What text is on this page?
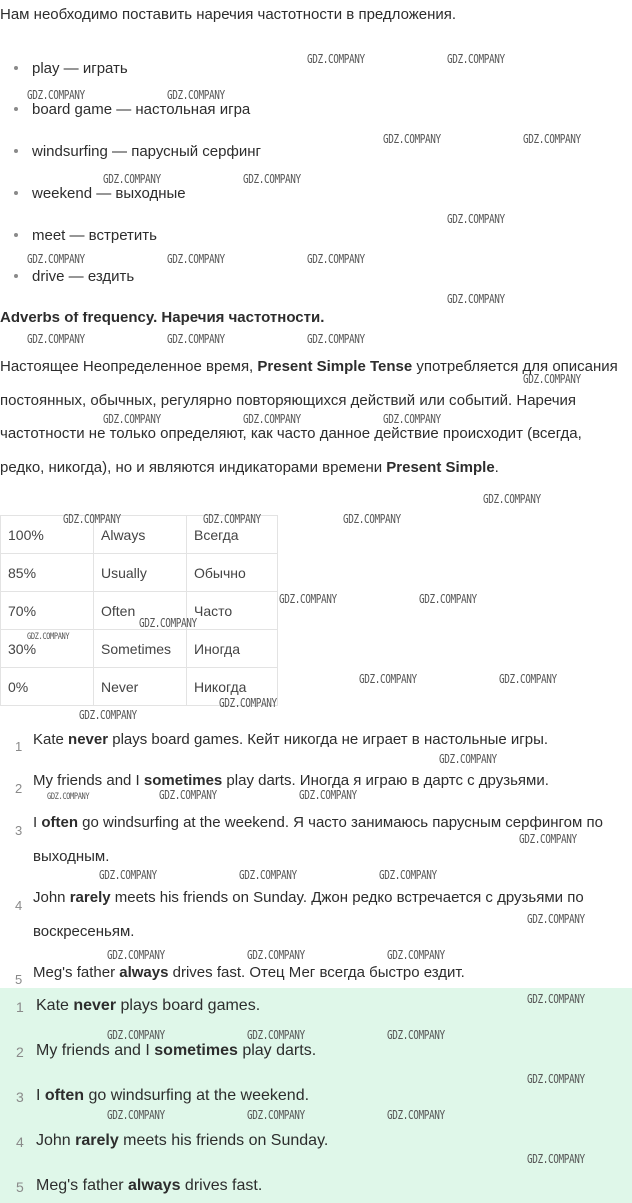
Нам необходимо поставить наречия частотности в предложения.
play — играть
board game — настольная игра
windsurfing — парусный серфинг
weekend — выходные
meet — встретить
drive — ездить
Adverbs of frequency. Наречия частотности.
Настоящее Неопределенное время, Present Simple Tense употребляется для описания постоянных, обычных, регулярно повторяющихся действий или событий. Наречия частотности не только определяют, как часто данное действие происходит (всегда, редко, никогда), но и являются индикаторами времени Present Simple.
100%	Always	Всегда
85%	Usually	Обычно
70%	Often	Часто
30%	Sometimes	Иногда
0%	Never	Никогда
1 Kate never plays board games. Кейт никогда не играет в настольные игры.
2 My friends and I sometimes play darts. Иногда я играю в дартс с друзьями.
3 I often go windsurfing at the weekend. Я часто занимаюсь парусным серфингом по выходным.
4 John rarely meets his friends on Sunday. Джон редко встречается с друзьями по воскресеньям.
5 Meg's father always drives fast. Отец Мег всегда быстро ездит.
1 Kate never plays board games.
2 My friends and I sometimes play darts.
3 I often go windsurfing at the weekend.
4 John rarely meets his friends on Sunday.
5 Meg's father always drives fast.
GDZ.COMPANY	GDZ.COMPANY
GDZ.COMPANY	GDZ.COMPANY
GDZ.COMPANY	GDZ.COMPANY
GDZ.COMPANY	GDZ.COMPANY
GDZ.COMPANY
GDZ.COMPANY	GDZ.COMPANY	GDZ.COMPANY
GDZ.COMPANY
GDZ.COMPANY	GDZ.COMPANY	GDZ.COMPANY
GDZ.COMPANY
GDZ.COMPANY	GDZ.COMPANY	GDZ.COMPANY
GDZ.COMPANY
GDZ.COMPANY	GDZ.COMPANY	GDZ.COMPANY
GDZ.COMPANY	GDZ.COMPANY
GDZ.COMPANY
GDZ.COMPANY
GDZ.COMPANY	GDZ.COMPANY
GDZ.COMPANY
GDZ.COMPANY
GDZ.COMPANY
GDZ.COMPANY	GDZ.COMPANY	GDZ.COMPANY
GDZ.COMPANY
GDZ.COMPANY	GDZ.COMPANY	GDZ.COMPANY
GDZ.COMPANY
GDZ.COMPANY	GDZ.COMPANY	GDZ.COMPANY
GDZ.COMPANY
GDZ.COMPANY	GDZ.COMPANY	GDZ.COMPANY
GDZ.COMPANY
GDZ.COMPANY	GDZ.COMPANY	GDZ.COMPANY
GDZ.COMPANY
